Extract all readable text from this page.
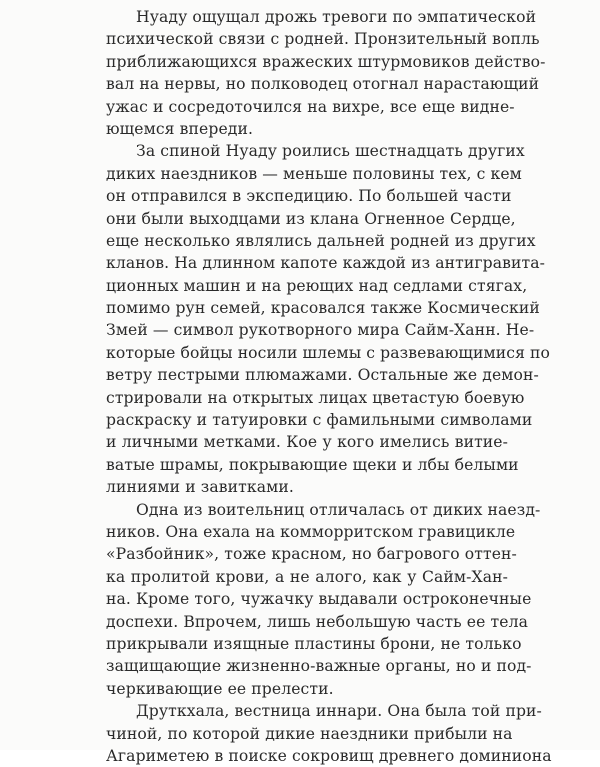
Нуаду ощущал дрожь тревоги по эмпатической
психической связи с родней. Пронзительный вопль
приближающихся вражеских штурмовиков действо-
вал на нервы, но полководец отогнал нарастающий
ужас и сосредоточился на вихре, все еще видне-
ющемся впереди.
За спиной Нуаду роились шестнадцать других
диких наездников — меньше половины тех, с кем
он отправился в экспедицию. По большей части
они были выходцами из клана Огненное Сердце,
еще несколько являлись дальней родней из других
кланов. На длинном капоте каждой из антигравита-
ционных машин и на реющих над седлами стягах,
помимо рун семей, красовался также Космический
Змей — символ рукотворного мира Сайм-Ханн. Не-
которые бойцы носили шлемы с развевающимися по
ветру пестрыми плюмажами. Остальные же демон-
стрировали на открытых лицах цветастую боевую
раскраску и татуировки с фамильными символами
и личными метками. Кое у кого имелись витие-
ватые шрамы, покрывающие щеки и лбы белыми
линиями и завитками.
Одна из воительниц отличалась от диких наезд-
ников. Она ехала на комморритском гравицикле
«Разбойник», тоже красном, но багрового оттен-
ка пролитой крови, а не алого, как у Сайм-Хан-
на. Кроме того, чужачку выдавали остроконечные
доспехи. Впрочем, лишь небольшую часть ее тела
прикрывали изящные пластины брони, не только
защищающие жизненно-важные органы, но и под-
черкивающие ее прелести.
Друткхала, вестница иннари. Она была той при-
чиной, по которой дикие наездники прибыли на
Агариметею в поиске сокровищ древнего доминиона
